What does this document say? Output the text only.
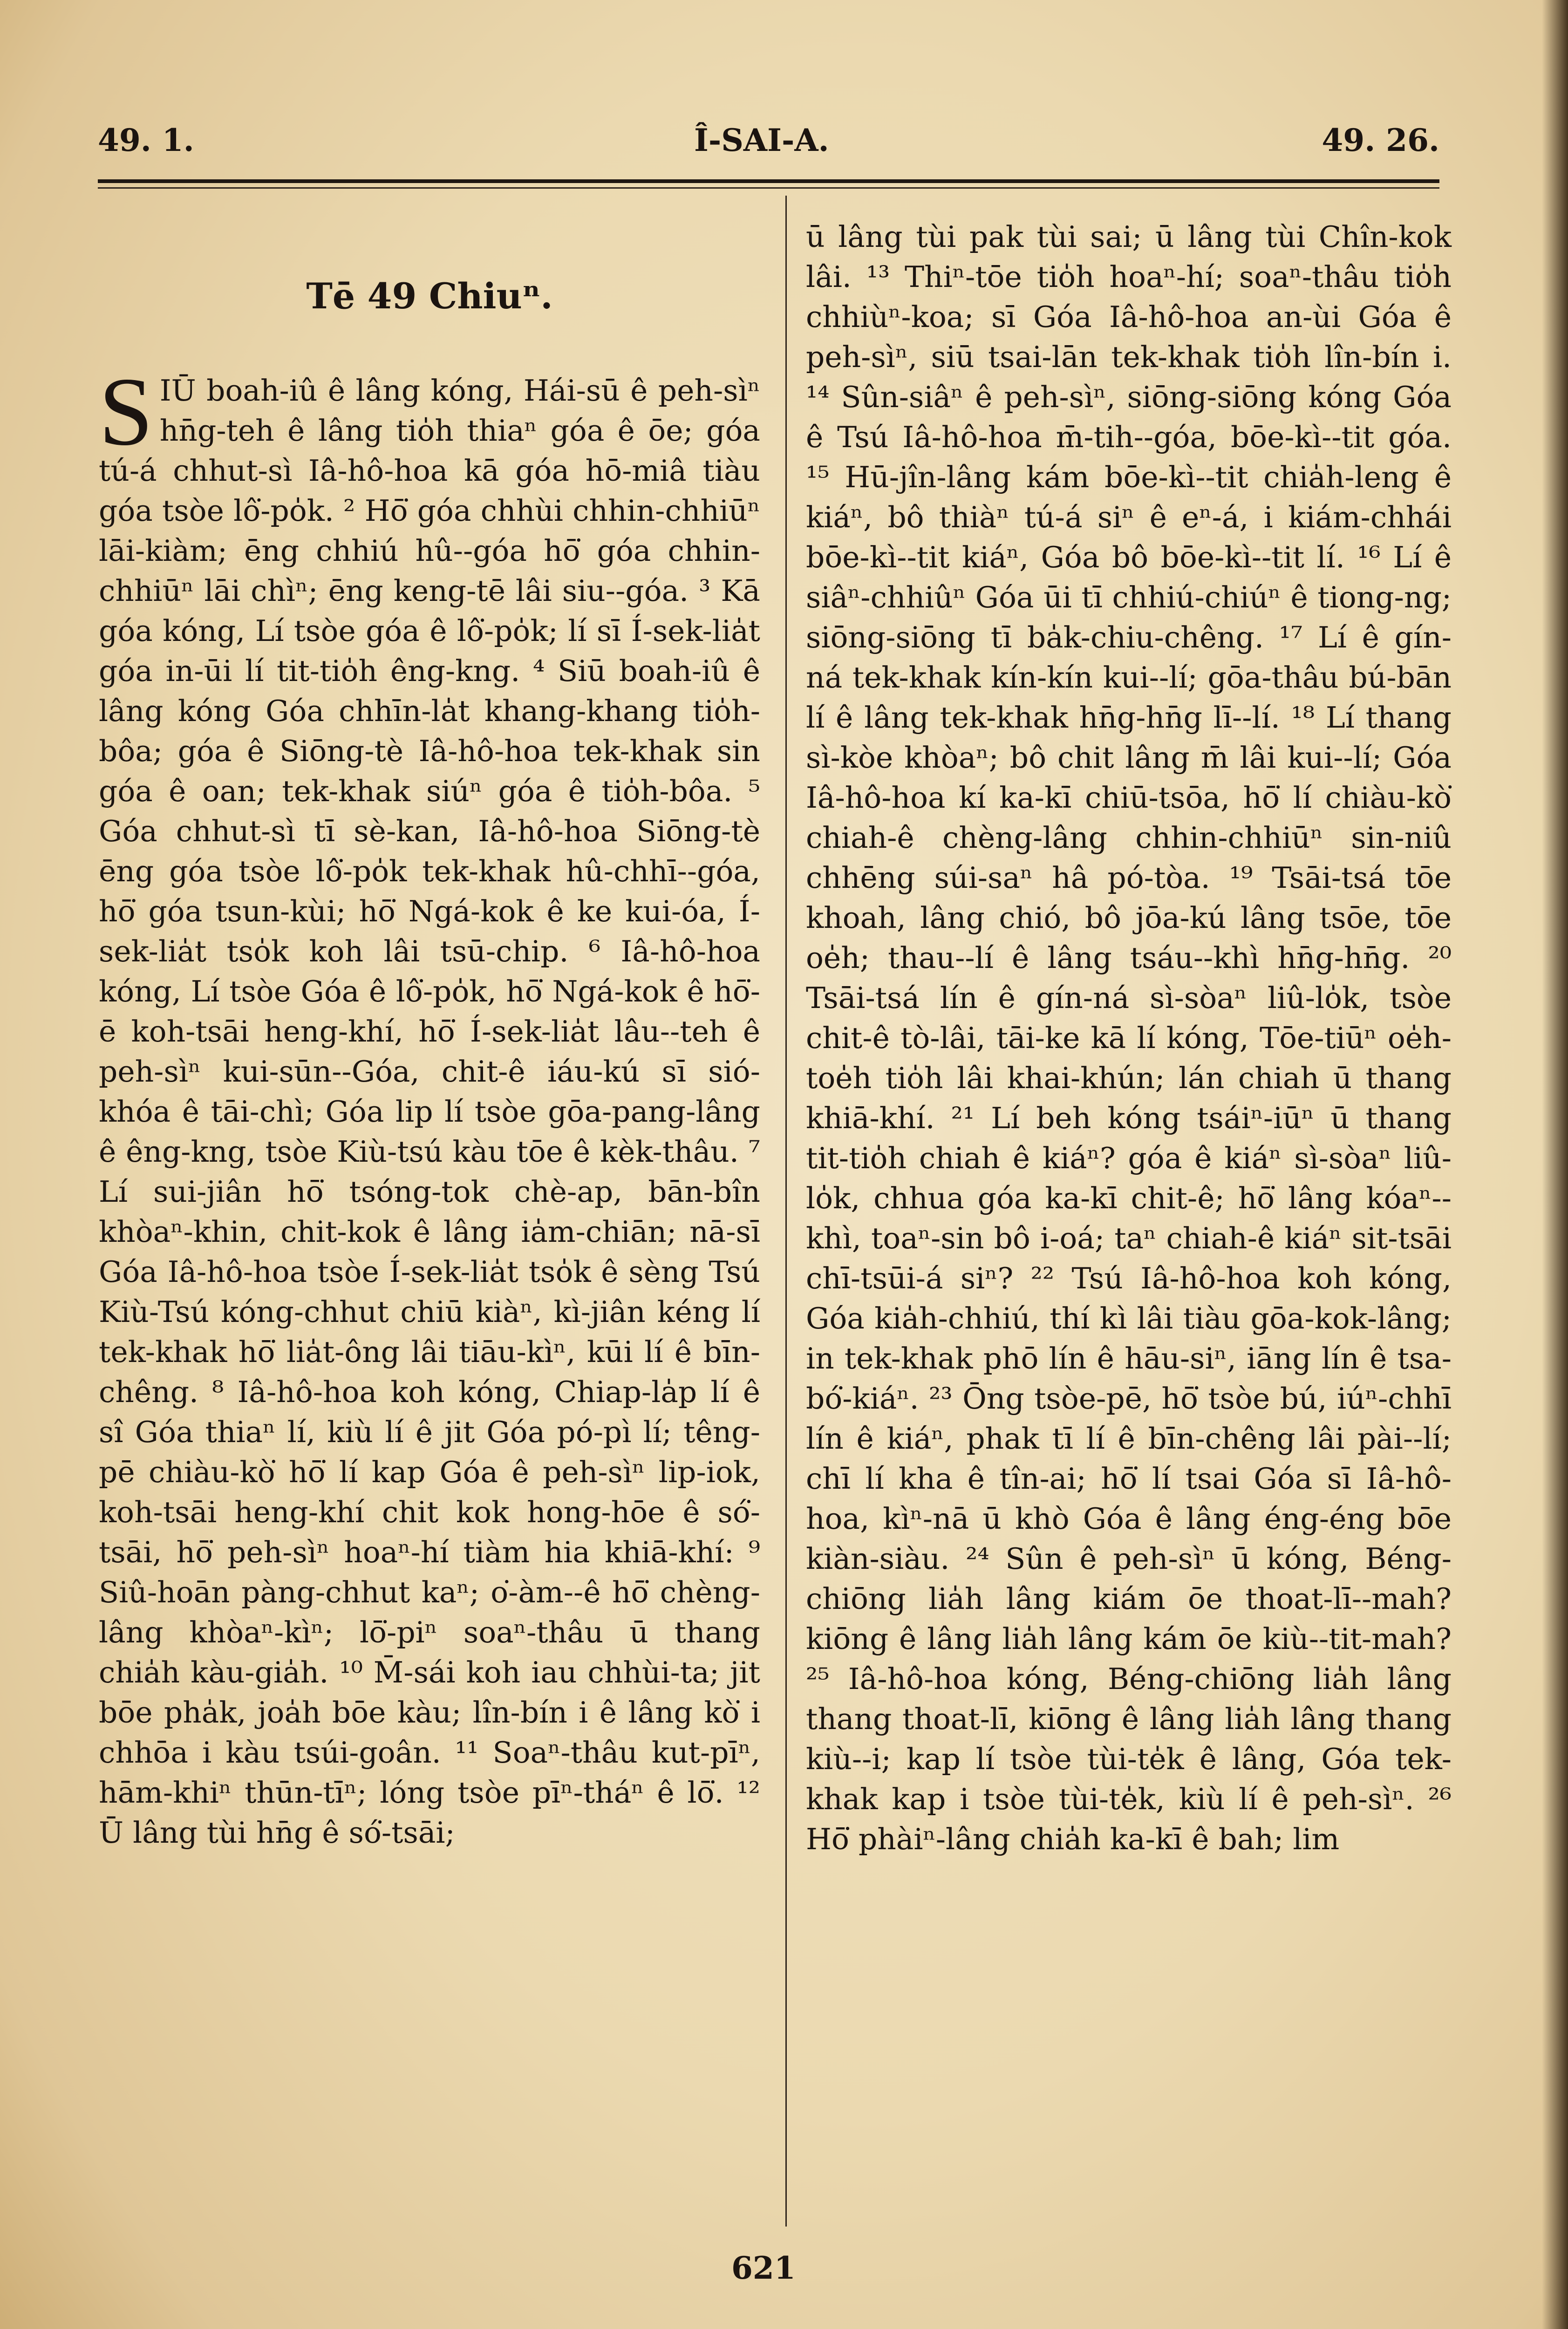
49. 1.	Î-SAI-A.	49. 26.
Tē 49 Chiuⁿ.
S IŪ boah-iû ê lâng kóng, Hái-sū ê peh-sìⁿ hn̄g-teh ê lâng tio̍h thiaⁿ góa ê ōe; góa tú-á chhut-sì Iâ-hô-hoa kā góa hō-miâ tiàu góa tsòe lô͘-po̍k. ² Hō͘ góa chhùi chhin-chhiūⁿ lāi-kiàm; ēng chhiú hû--góa hō͘ góa chhin-chhiūⁿ lāi chìⁿ; ēng keng-tē lâi siu--góa. ³ Kā góa kóng, Lí tsòe góa ê lô͘-po̍k; lí sī Í-sek-lia̍t góa in-ūi lí tit-tio̍h êng-kng. ⁴ Siū boah-iû ê lâng kóng Góa chhīn-la̍t khang-khang tio̍h-bôa; góa ê Siōng-tè Iâ-hô-hoa tek-khak sin góa ê oan; tek-khak siúⁿ góa ê tio̍h-bôa. ⁵ Góa chhut-sì tī sè-kan, Iâ-hô-hoa Siōng-tè ēng góa tsòe lô͘-po̍k tek-khak hû-chhī--góa, hō͘ góa tsun-kùi; hō͘ Ngá-kok ê ke kui-óa, Í-sek-lia̍t tso̍k koh lâi tsū-chip. ⁶ Iâ-hô-hoa kóng, Lí tsòe Góa ê lô͘-po̍k, hō͘ Ngá-kok ê hō͘-ē koh-tsāi heng-khí, hō͘ Í-sek-lia̍t lâu--teh ê peh-sìⁿ kui-sūn--Góa, chit-ê iáu-kú sī sió-khóa ê tāi-chì; Góa lip lí tsòe gōa-pang-lâng ê êng-kng, tsòe Kiù-tsú kàu tōe ê kèk-thâu. ⁷ Lí sui-jiân hō͘ tsóng-tok chè-ap, bān-bîn khòaⁿ-khin, chit-kok ê lâng ia̍m-chiān; nā-sī Góa Iâ-hô-hoa tsòe Í-sek-lia̍t tso̍k ê sèng Tsú Kiù-Tsú kóng-chhut chiū kiàⁿ, kì-jiân kéng lí tek-khak hō͘ lia̍t-ông lâi tiāu-kìⁿ, kūi lí ê bīn-chêng. ⁸ Iâ-hô-hoa koh kóng, Chiap-la̍p lí ê sî Góa thiaⁿ lí, kiù lí ê jit Góa pó-pì lí; têng-pē chiàu-kò͘ hō͘ lí kap Góa ê peh-sìⁿ lip-iok, koh-tsāi heng-khí chit kok hong-hōe ê só͘-tsāi, hō͘ peh-sìⁿ hoaⁿ-hí tiàm hia khiā-khí: ⁹ Siû-hoān pàng-chhut kaⁿ; o͘-àm--ê hō͘ chèng-lâng khòaⁿ-kìⁿ; lō͘-piⁿ soaⁿ-thâu ū thang chia̍h kàu-gia̍h. ¹⁰ M̄-sái koh iau chhùi-ta; jit bōe pha̍k, joa̍h bōe kàu; lîn-bín i ê lâng kò͘ i chhōa i kàu tsúi-goân. ¹¹ Soaⁿ-thâu kut-pīⁿ, hām-khiⁿ thūn-tīⁿ; lóng tsòe pīⁿ-tháⁿ ê lō͘. ¹² Ū lâng tùi hn̄g ê só͘-tsāi;
ū lâng tùi pak tùi sai; ū lâng tùi Chîn-kok lâi. ¹³ Thiⁿ-tōe tio̍h hoaⁿ-hí; soaⁿ-thâu tio̍h chhiùⁿ-koa; sī Góa Iâ-hô-hoa an-ùi Góa ê peh-sìⁿ, siū tsai-lān tek-khak tio̍h lîn-bín i. ¹⁴ Sûn-siâⁿ ê peh-sìⁿ, siōng-siōng kóng Góa ê Tsú Iâ-hô-hoa m̄-tih--góa, bōe-kì--tit góa. ¹⁵ Hū-jîn-lâng kám bōe-kì--tit chia̍h-leng ê kiáⁿ, bô thiàⁿ tú-á siⁿ ê eⁿ-á, i kiám-chhái bōe-kì--tit kiáⁿ, Góa bô bōe-kì--tit lí. ¹⁶ Lí ê siâⁿ-chhiûⁿ Góa ūi tī chhiú-chiúⁿ ê tiong-ng; siōng-siōng tī ba̍k-chiu-chêng. ¹⁷ Lí ê gín-ná tek-khak kín-kín kui--lí; gōa-thâu bú-bān lí ê lâng tek-khak hn̄g-hn̄g lī--lí. ¹⁸ Lí thang sì-kòe khòaⁿ; bô chit lâng m̄ lâi kui--lí; Góa Iâ-hô-hoa kí ka-kī chiū-tsōa, hō͘ lí chiàu-kò͘ chiah-ê chèng-lâng chhin-chhiūⁿ sin-niû chhēng súi-saⁿ hâ pó-tòa. ¹⁹ Tsāi-tsá tōe khoah, lâng chió, bô jōa-kú lâng tsōe, tōe oe̍h; thau--lí ê lâng tsáu--khì hn̄g-hn̄g. ²⁰ Tsāi-tsá lín ê gín-ná sì-sòaⁿ liû-lo̍k, tsòe chit-ê tò-lâi, tāi-ke kā lí kóng, Tōe-tiūⁿ oe̍h-toe̍h tio̍h lâi khai-khún; lán chiah ū thang khiā-khí. ²¹ Lí beh kóng tsáiⁿ-iūⁿ ū thang tit-tio̍h chiah ê kiáⁿ? góa ê kiáⁿ sì-sòaⁿ liû-lo̍k, chhua góa ka-kī chit-ê; hō͘ lâng kóaⁿ--khì, toaⁿ-sin bô i-oá; taⁿ chiah-ê kiáⁿ sit-tsāi chī-tsūi-á siⁿ? ²² Tsú Iâ-hô-hoa koh kóng, Góa kia̍h-chhiú, thí kì lâi tiàu gōa-kok-lâng; in tek-khak phō lín ê hāu-siⁿ, iāng lín ê tsa-bó͘-kiáⁿ. ²³ Ōng tsòe-pē, hō͘ tsòe bú, iúⁿ-chhī lín ê kiáⁿ, phak tī lí ê bīn-chêng lâi pài--lí; chī lí kha ê tîn-ai; hō͘ lí tsai Góa sī Iâ-hô-hoa, kìⁿ-nā ū khò Góa ê lâng éng-éng bōe kiàn-siàu. ²⁴ Sûn ê peh-sìⁿ ū kóng, Béng-chiōng lia̍h lâng kiám ōe thoat-lī--mah? kiōng ê lâng lia̍h lâng kám ōe kiù--tit-mah? ²⁵ Iâ-hô-hoa kóng, Béng-chiōng lia̍h lâng thang thoat-lī, kiōng ê lâng lia̍h lâng thang kiù--i; kap lí tsòe tùi-te̍k ê lâng, Góa tek-khak kap i tsòe tùi-te̍k, kiù lí ê peh-sìⁿ. ²⁶ Hō͘ phàiⁿ-lâng chia̍h ka-kī ê bah; lim
621
